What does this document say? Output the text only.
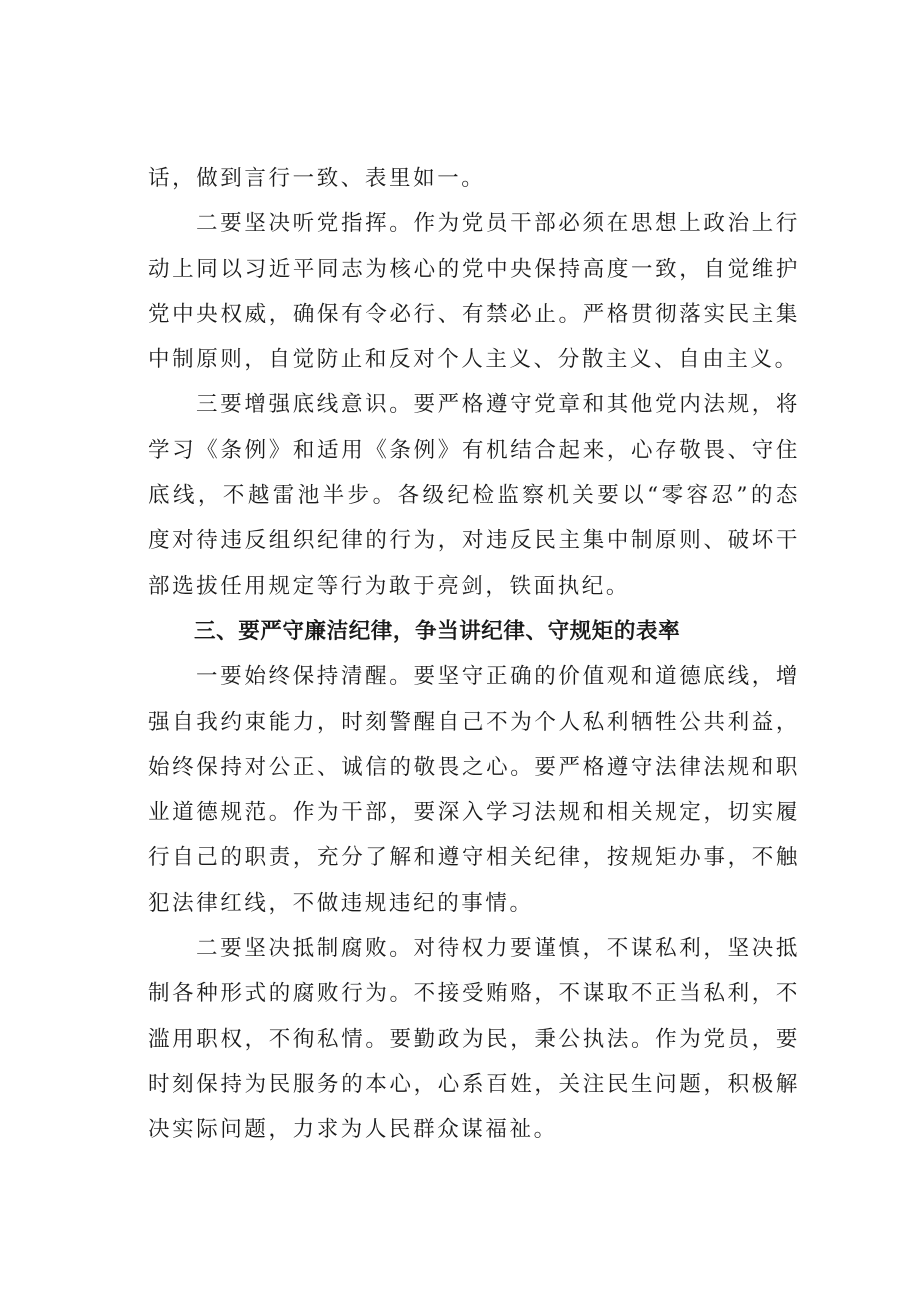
话，做到言行一致、表里如一。

二要坚决听党指挥。作为党员干部必须在思想上政治上行动上同以习近平同志为核心的党中央保持高度一致，自觉维护党中央权威，确保有令必行、有禁必止。严格贯彻落实民主集中制原则，自觉防止和反对个人主义、分散主义、自由主义。

三要增强底线意识。要严格遵守党章和其他党内法规，将学习《条例》和适用《条例》有机结合起来，心存敬畏、守住底线，不越雷池半步。各级纪检监察机关要以“零容忍”的态度对待违反组织纪律的行为，对违反民主集中制原则、破坏干部选拔任用规定等行为敢于亮剑，铁面执纪。

三、要严守廉洁纪律，争当讲纪律、守规矩的表率

一要始终保持清醒。要坚守正确的价值观和道德底线，增强自我约束能力，时刻警醒自己不为个人私利牺牲公共利益，始终保持对公正、诚信的敬畏之心。要严格遵守法律法规和职业道德规范。作为干部，要深入学习法规和相关规定，切实履行自己的职责，充分了解和遵守相关纪律，按规矩办事，不触犯法律红线，不做违规违纪的事情。

二要坚决抵制腐败。对待权力要谨慎，不谋私利，坚决抵制各种形式的腐败行为。不接受贿赂，不谋取不正当私利，不滥用职权，不徇私情。要勤政为民，秉公执法。作为党员，要时刻保持为民服务的本心，心系百姓，关注民生问题，积极解决实际问题，力求为人民群众谋福祉。
